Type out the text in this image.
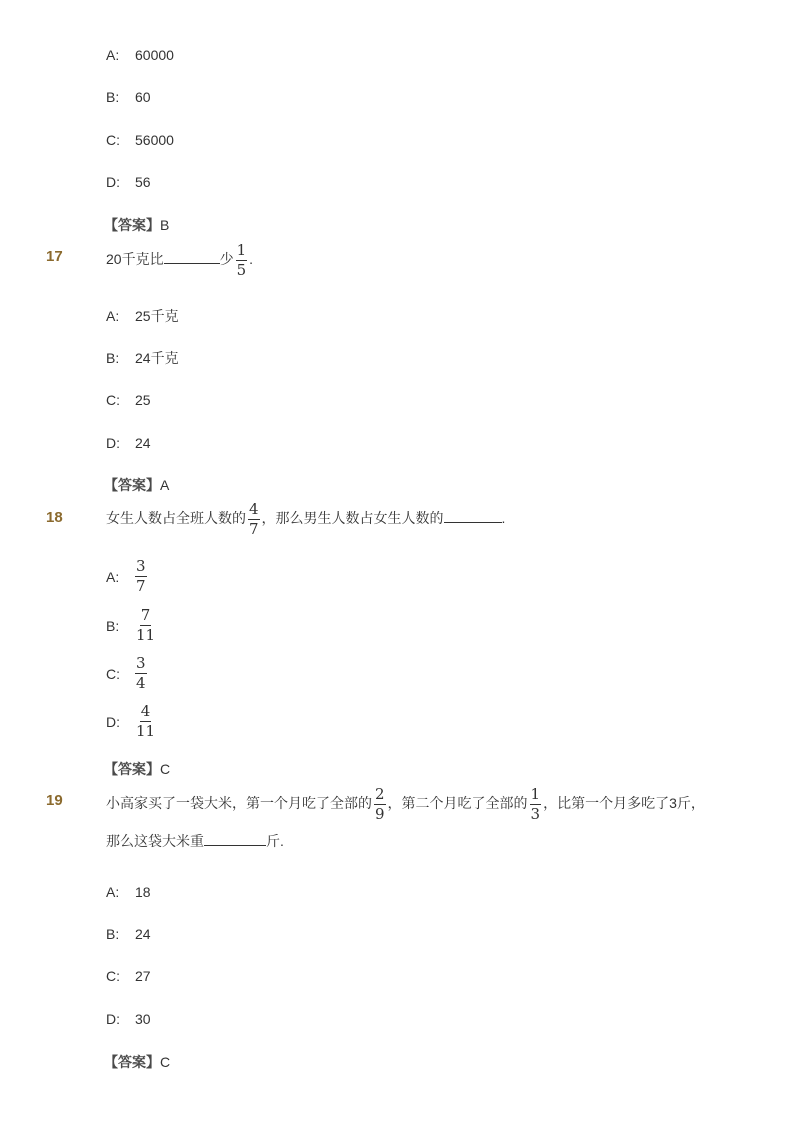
A: 60000
B: 60
C: 56000
D: 56
【答案】B
17	20千克比	少 $\frac{1}{5}$ .
A: 25千克
B: 24千克
C: 25
D: 24
【答案】A
18	女生人数占全班人数的 $\frac{4}{7}$ ，那么男生人数占女生人数的	.
A: $\frac{3}{7}$
B: $\frac{7}{11}$
C: $\frac{3}{4}$
D: $\frac{4}{11}$
【答案】C
19	小高家买了一袋大米，第一个月吃了全部的 $\frac{2}{9}$ ，第二个月吃了全部的 $\frac{1}{3}$ ，比第一个月多吃了3斤，
那么这袋大米重	斤.
A: 18
B: 24
C: 27
D: 30
【答案】C
